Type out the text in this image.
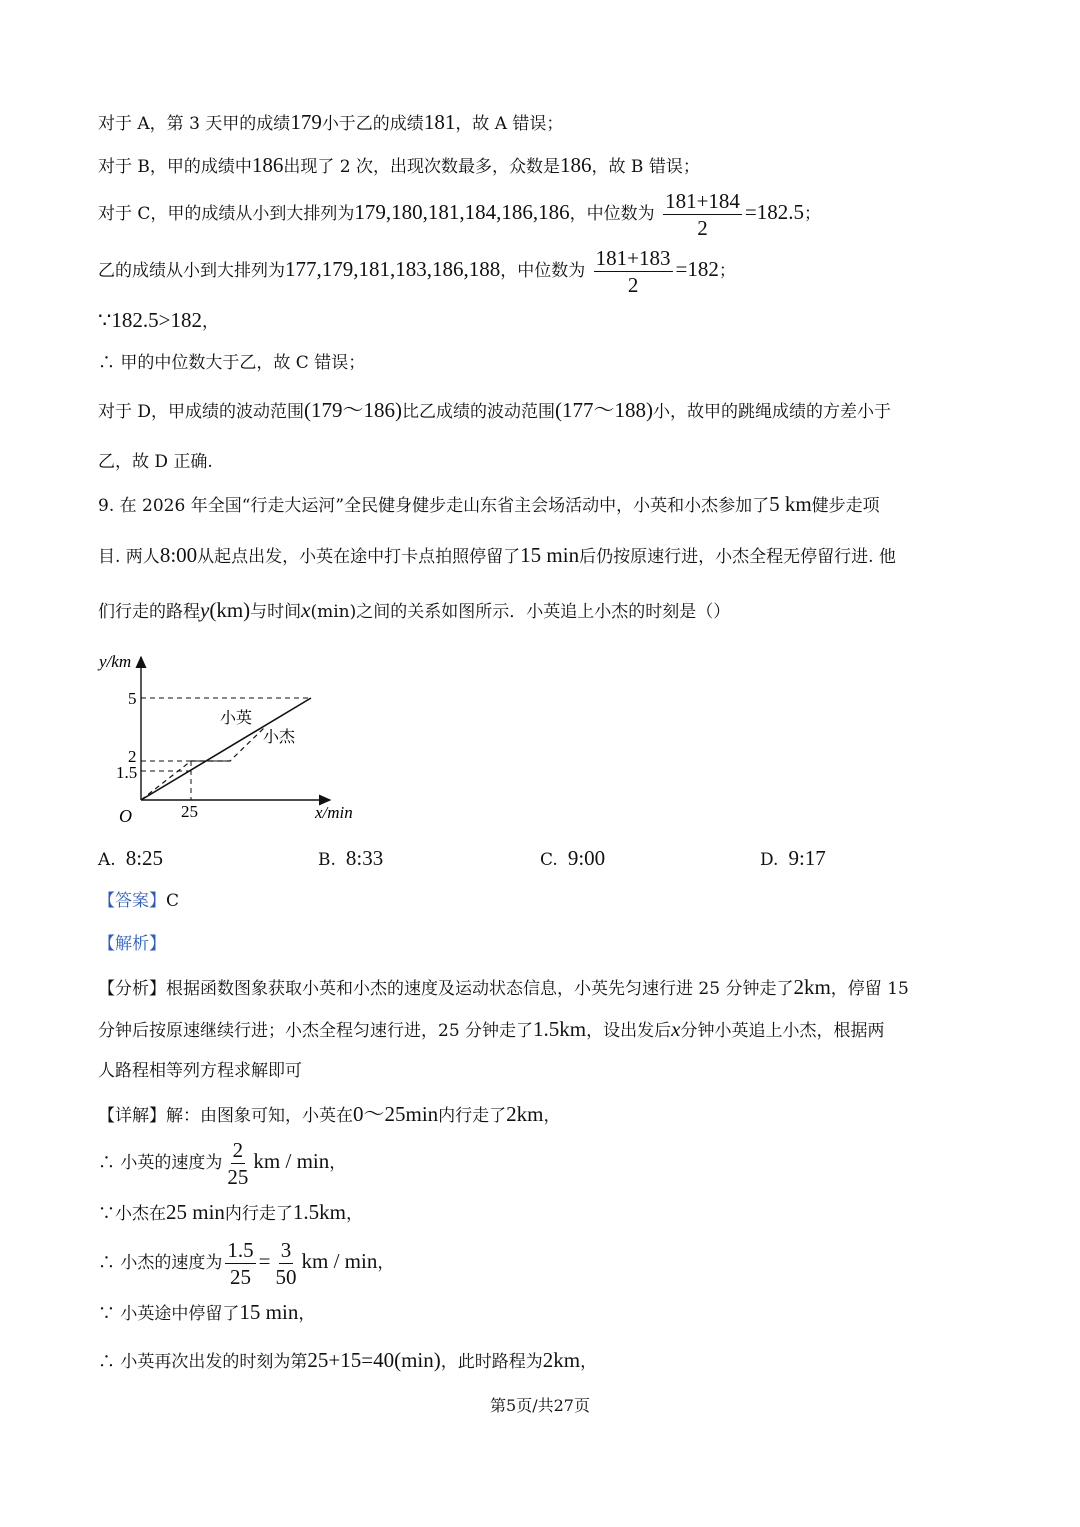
对于 A，第 3 天甲的成绩179小于乙的成绩181，故 A 错误；
对于 B，甲的成绩中186出现了 2 次，出现次数最多，众数是186，故 B 错误；
对于 C，甲的成绩从小到大排列为179,180,181,184,186,186，中位数为 $\frac{181+184}{2} =182.5$；
乙的成绩从小到大排列为177,179,181,183,186,188，中位数为 $\frac{181+183}{2} =182$；
∵182.5>182，
∴ 甲的中位数大于乙，故 C 错误；
对于 D，甲成绩的波动范围(179～186)比乙成绩的波动范围(177～188)小，故甲的跳绳成绩的方差小于
乙，故 D 正确.
9. 在 2026 年全国“行走大运河”全民健身健步走山东省主会场活动中，小英和小杰参加了5 km健步走项
目. 两人8:00从起点出发，小英在途中打卡点拍照停留了15 min后仍按原速行进，小杰全程无停留行进. 他
们行走的路程y(km)与时间x(min)之间的关系如图所示．小英追上小杰的时刻是（）
y/km
x/min
O
5
2
1.5
25
小英
小杰
A. 8:25	B. 8:33	C. 9:00	D. 9:17
【答案】C
【解析】
【分析】根据函数图象获取小英和小杰的速度及运动状态信息，小英先匀速行进 25 分钟走了2km，停留 15
分钟后按原速继续行进；小杰全程匀速行进，25 分钟走了1.5km，设出发后x分钟小英追上小杰，根据两
人路程相等列方程求解即可
【详解】解：由图象可知，小英在0～25min内行走了2km，
∴ 小英的速度为 $\frac{2}{25}$ km / min，
∵小杰在25 min内行走了1.5km，
∴ 小杰的速度为 $\frac{1.5}{25} = \frac{3}{50}$ km / min，
∵ 小英途中停留了15 min，
∴ 小英再次出发的时刻为第25+15=40(min)，此时路程为2km，
第5页/共27页
